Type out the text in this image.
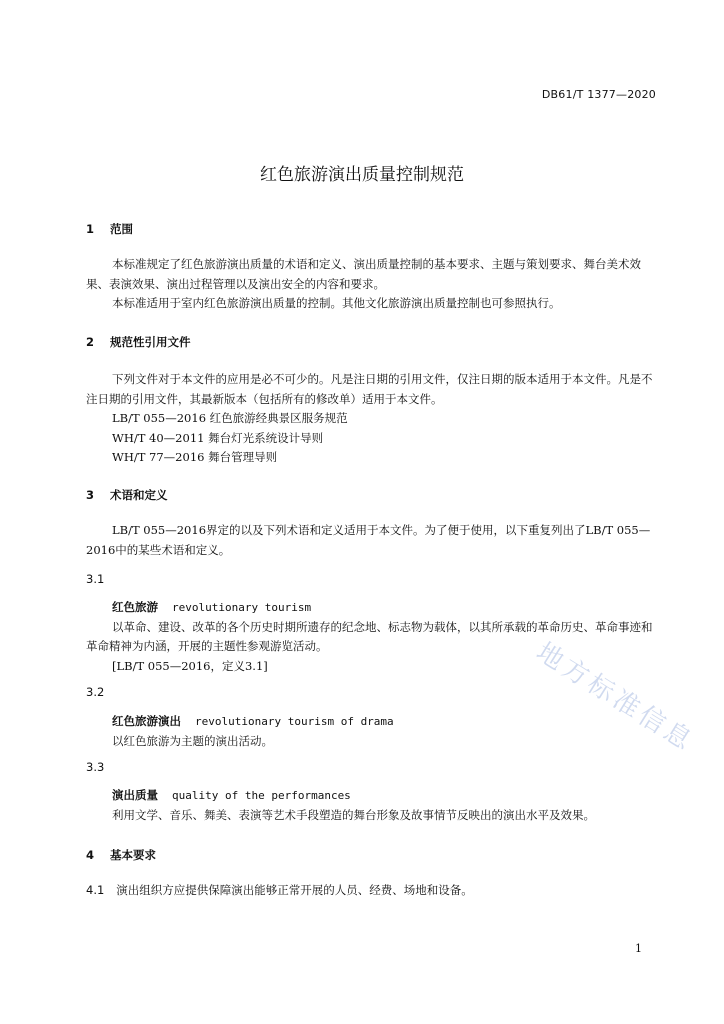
DB61/T 1377—2020
红色旅游演出质量控制规范
1 范围

本标准规定了红色旅游演出质量的术语和定义、演出质量控制的基本要求、主题与策划要求、舞台美术效果、表演效果、演出过程管理以及演出安全的内容和要求。

本标准适用于室内红色旅游演出质量的控制。其他文化旅游演出质量控制也可参照执行。

2 规范性引用文件

下列文件对于本文件的应用是必不可少的。凡是注日期的引用文件，仅注日期的版本适用于本文件。凡是不注日期的引用文件，其最新版本（包括所有的修改单）适用于本文件。

LB/T 055—2016 红色旅游经典景区服务规范

WH/T 40—2011 舞台灯光系统设计导则

WH/T 77—2016 舞台管理导则

3 术语和定义

LB/T 055—2016界定的以及下列术语和定义适用于本文件。为了便于使用，以下重复列出了LB/T 055—2016中的某些术语和定义。

3.1

红色旅游 revolutionary tourism

以革命、建设、改革的各个历史时期所遗存的纪念地、标志物为载体，以其所承载的革命历史、革命事迹和革命精神为内涵，开展的主题性参观游览活动。

[LB/T 055—2016，定义3.1]

3.2

红色旅游演出 revolutionary tourism of drama

以红色旅游为主题的演出活动。

3.3

演出质量 quality of the performances

利用文学、音乐、舞美、表演等艺术手段塑造的舞台形象及故事情节反映出的演出水平及效果。

4 基本要求
4.1 演出组织方应提供保障演出能够正常开展的人员、经费、场地和设备。
1
地方标准信息
